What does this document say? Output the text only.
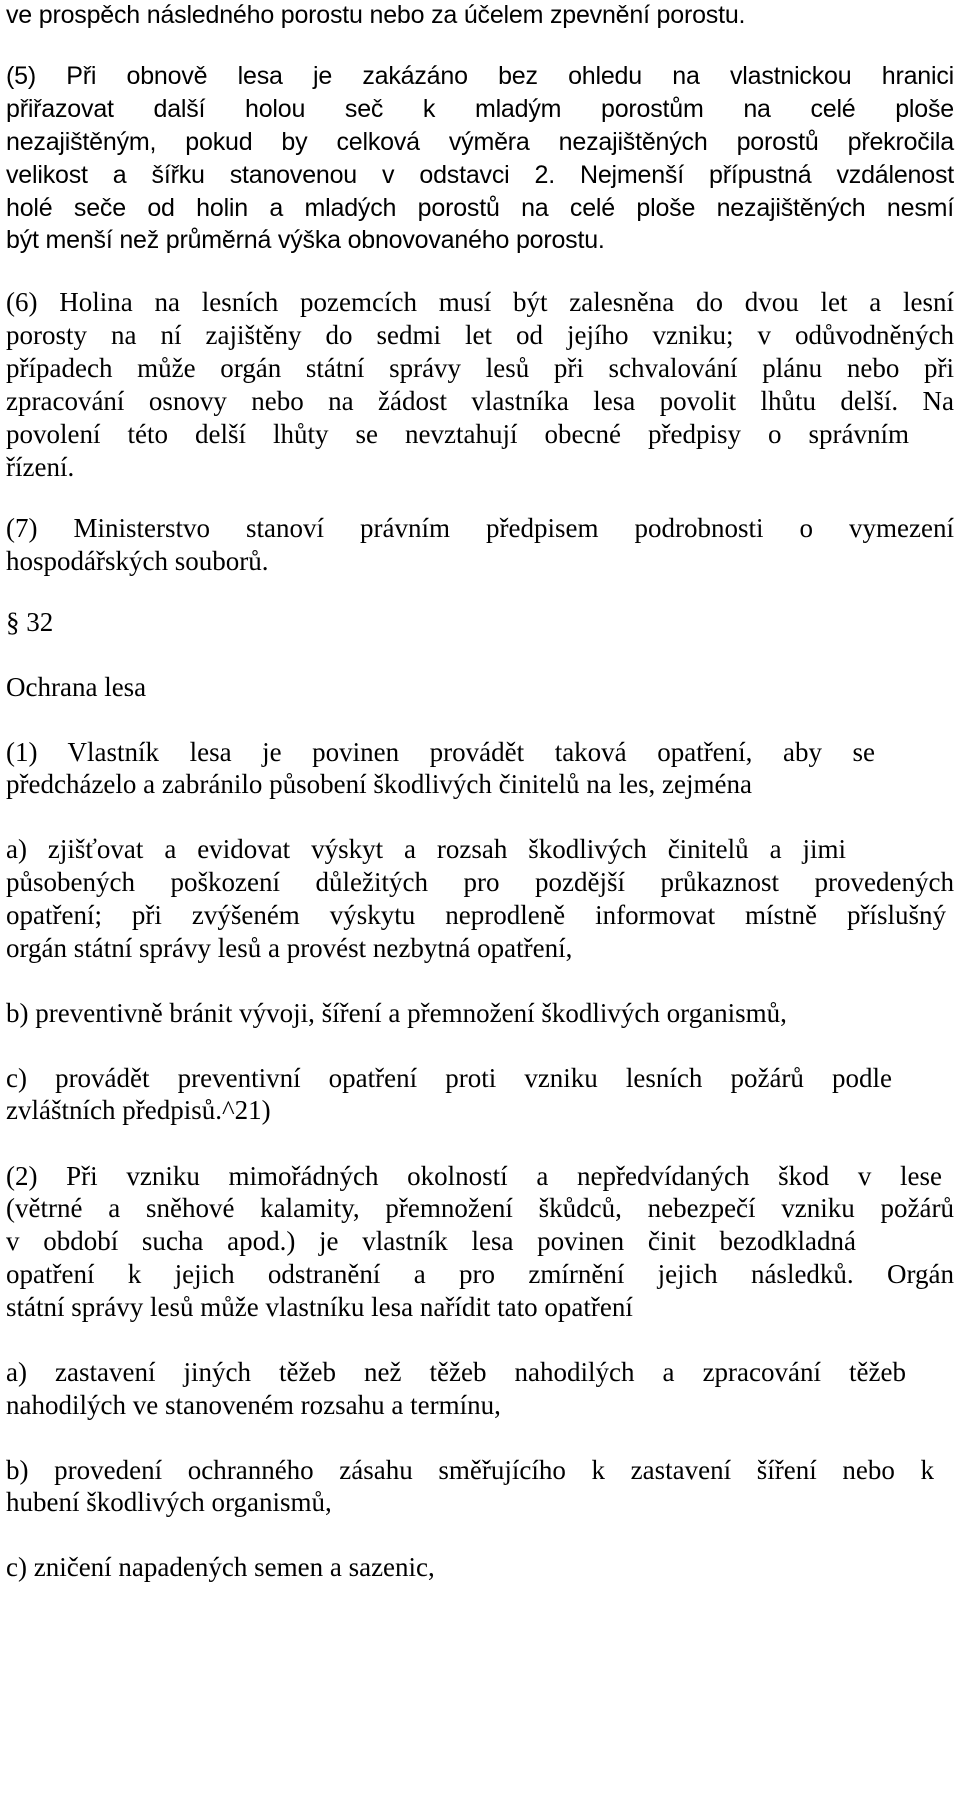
ve prospěch následného porostu nebo za účelem zpevnění porostu.
(5) Při obnově lesa je zakázáno bez ohledu na vlastnickou hranici
přiřazovat další holou seč k mladým porostům na celé ploše
nezajištěným, pokud by celková výměra nezajištěných porostů překročila
velikost a šířku stanovenou v odstavci 2. Nejmenší přípustná vzdálenost
holé seče od holin a mladých porostů na celé ploše nezajištěných nesmí
být menší než průměrná výška obnovovaného porostu.
(6) Holina na lesních pozemcích musí být zalesněna do dvou let a lesní
porosty na ní zajištěny do sedmi let od jejího vzniku; v odůvodněných
případech může orgán státní správy lesů při schvalování plánu nebo při
zpracování osnovy nebo na žádost vlastníka lesa povolit lhůtu delší. Na
povolení této delší lhůty se nevztahují obecné předpisy o správním
řízení.
(7) Ministerstvo stanoví právním předpisem podrobnosti o vymezení
hospodářských souborů.
§ 32
Ochrana lesa
(1) Vlastník lesa je povinen provádět taková opatření, aby se
předcházelo a zabránilo působení škodlivých činitelů na les, zejména
a) zjišťovat a evidovat výskyt a rozsah škodlivých činitelů a jimi
působených poškození důležitých pro pozdější průkaznost provedených
opatření; při zvýšeném výskytu neprodleně informovat místně příslušný
orgán státní správy lesů a provést nezbytná opatření,
b) preventivně bránit vývoji, šíření a přemnožení škodlivých organismů,
c) provádět preventivní opatření proti vzniku lesních požárů podle
zvláštních předpisů.^21)
(2) Při vzniku mimořádných okolností a nepředvídaných škod v lese
(větrné a sněhové kalamity, přemnožení škůdců, nebezpečí vzniku požárů
v období sucha apod.) je vlastník lesa povinen činit bezodkladná
opatření k jejich odstranění a pro zmírnění jejich následků. Orgán
státní správy lesů může vlastníku lesa nařídit tato opatření
a) zastavení jiných těžeb než těžeb nahodilých a zpracování těžeb
nahodilých ve stanoveném rozsahu a termínu,
b) provedení ochranného zásahu směřujícího k zastavení šíření nebo k
hubení škodlivých organismů,
c) zničení napadených semen a sazenic,
